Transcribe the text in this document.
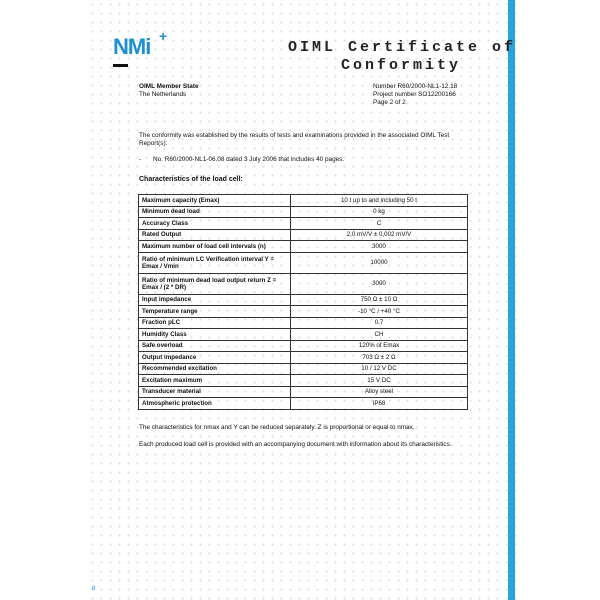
NMi +
OIML Certificate of
Conformity
OIML Member State
The Netherlands
Number R60/2000-NL1-12.18
Project number SO12200166
Page 2 of 2
The conformity was established by the results of tests and examinations provided in the associated OIML Test Report(s):
- No. R60/2000-NL1-06.08 dated 3 July 2006 that includes 40 pages.
Characteristics of the load cell:
Maximum capacity (Emax)	10 t up to and including 50 t
Minimum dead load	0 kg
Accuracy Class	C
Rated Output	2,0 mV/V ± 0,002 mV/V
Maximum number of load cell intervals (n)	3000
Ratio of minimum LC Verification interval Y = Emax / Vmin	10000
Ratio of minimum dead load output return Z = Emax / (2 * DR)	3000
Input impedance	750 Ω ± 10 Ω
Temperature range	-10 °C / +40 °C
Fraction pLC	0,7
Humidity Class	CH
Safe overload	120% of Emax
Output impedance	703 Ω ± 2 Ω
Recommended excitation	10 / 12 V DC
Excitation maximum	15 V DC
Transducer material	Alloy steel
Atmospheric protection	IP68
The characteristics for nmax and Y can be reduced separately. Z is proportional or equal to nmax.
Each produced load cell is provided with an accompanying document with information about its characteristics.
8
